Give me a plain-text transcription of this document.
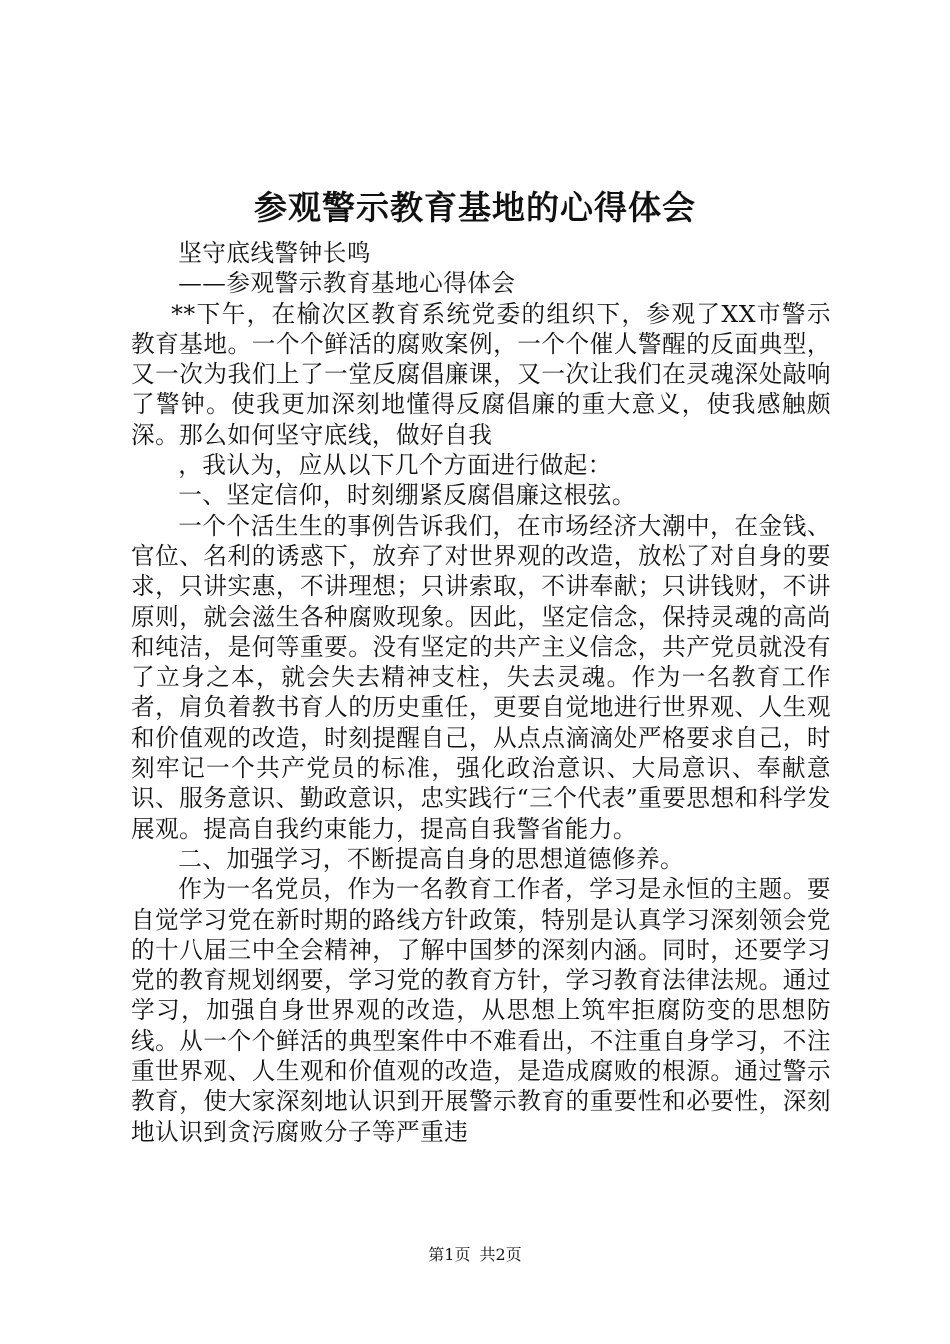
参观警示教育基地的心得体会

坚守底线警钟长鸣

——参观警示教育基地心得体会

**下午，在榆次区教育系统党委的组织下，参观了XX市警示教育基地。一个个鲜活的腐败案例，一个个催人警醒的反面典型，又一次为我们上了一堂反腐倡廉课，又一次让我们在灵魂深处敲响了警钟。使我更加深刻地懂得反腐倡廉的重大意义，使我感触颇深。那么如何坚守底线，做好自我

，我认为，应从以下几个方面进行做起：

一、坚定信仰，时刻绷紧反腐倡廉这根弦。

一个个活生生的事例告诉我们，在市场经济大潮中，在金钱、官位、名利的诱惑下，放弃了对世界观的改造，放松了对自身的要求，只讲实惠，不讲理想；只讲索取，不讲奉献；只讲钱财，不讲原则，就会滋生各种腐败现象。因此，坚定信念，保持灵魂的高尚和纯洁，是何等重要。没有坚定的共产主义信念，共产党员就没有了立身之本，就会失去精神支柱，失去灵魂。作为一名教育工作者，肩负着教书育人的历史重任，更要自觉地进行世界观、人生观和价值观的改造，时刻提醒自己，从点点滴滴处严格要求自己，时刻牢记一个共产党员的标准，强化政治意识、大局意识、奉献意识、服务意识、勤政意识，忠实践行“三个代表”重要思想和科学发展观。提高自我约束能力，提高自我警省能力。

二、加强学习，不断提高自身的思想道德修养。

作为一名党员，作为一名教育工作者，学习是永恒的主题。要自觉学习党在新时期的路线方针政策，特别是认真学习深刻领会党的十八届三中全会精神，了解中国梦的深刻内涵。同时，还要学习党的教育规划纲要，学习党的教育方针，学习教育法律法规。通过学习，加强自身世界观的改造，从思想上筑牢拒腐防变的思想防线。从一个个鲜活的典型案件中不难看出，不注重自身学习，不注重世界观、人生观和价值观的改造，是造成腐败的根源。通过警示教育，使大家深刻地认识到开展警示教育的重要性和必要性，深刻地认识到贪污腐败分子等严重违

第1页 共2页
